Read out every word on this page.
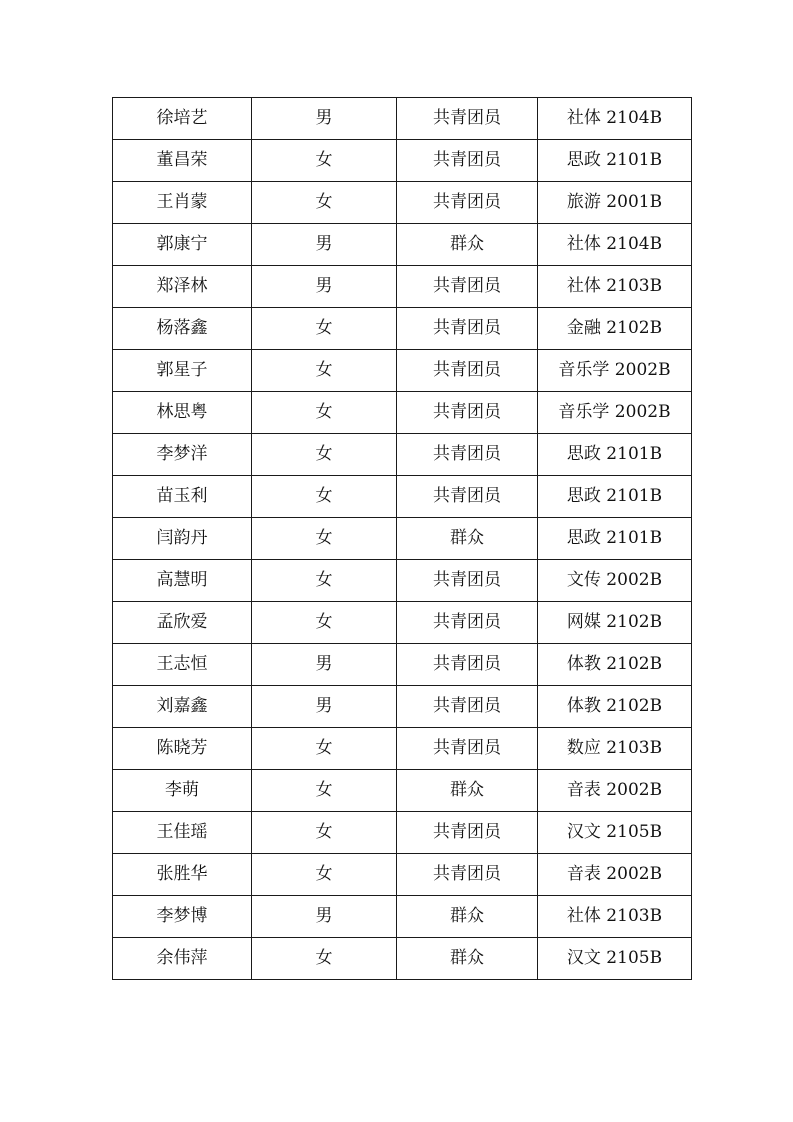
徐培艺	男	共青团员	社体 2104B
董昌荣	女	共青团员	思政 2101B
王肖蒙	女	共青团员	旅游 2001B
郭康宁	男	群众	社体 2104B
郑泽林	男	共青团员	社体 2103B
杨落鑫	女	共青团员	金融 2102B
郭星子	女	共青团员	音乐学 2002B
林思粤	女	共青团员	音乐学 2002B
李梦洋	女	共青团员	思政 2101B
苗玉利	女	共青团员	思政 2101B
闫韵丹	女	群众	思政 2101B
高慧明	女	共青团员	文传 2002B
孟欣爱	女	共青团员	网媒 2102B
王志恒	男	共青团员	体教 2102B
刘嘉鑫	男	共青团员	体教 2102B
陈晓芳	女	共青团员	数应 2103B
李萌	女	群众	音表 2002B
王佳瑶	女	共青团员	汉文 2105B
张胜华	女	共青团员	音表 2002B
李梦博	男	群众	社体 2103B
余伟萍	女	群众	汉文 2105B
